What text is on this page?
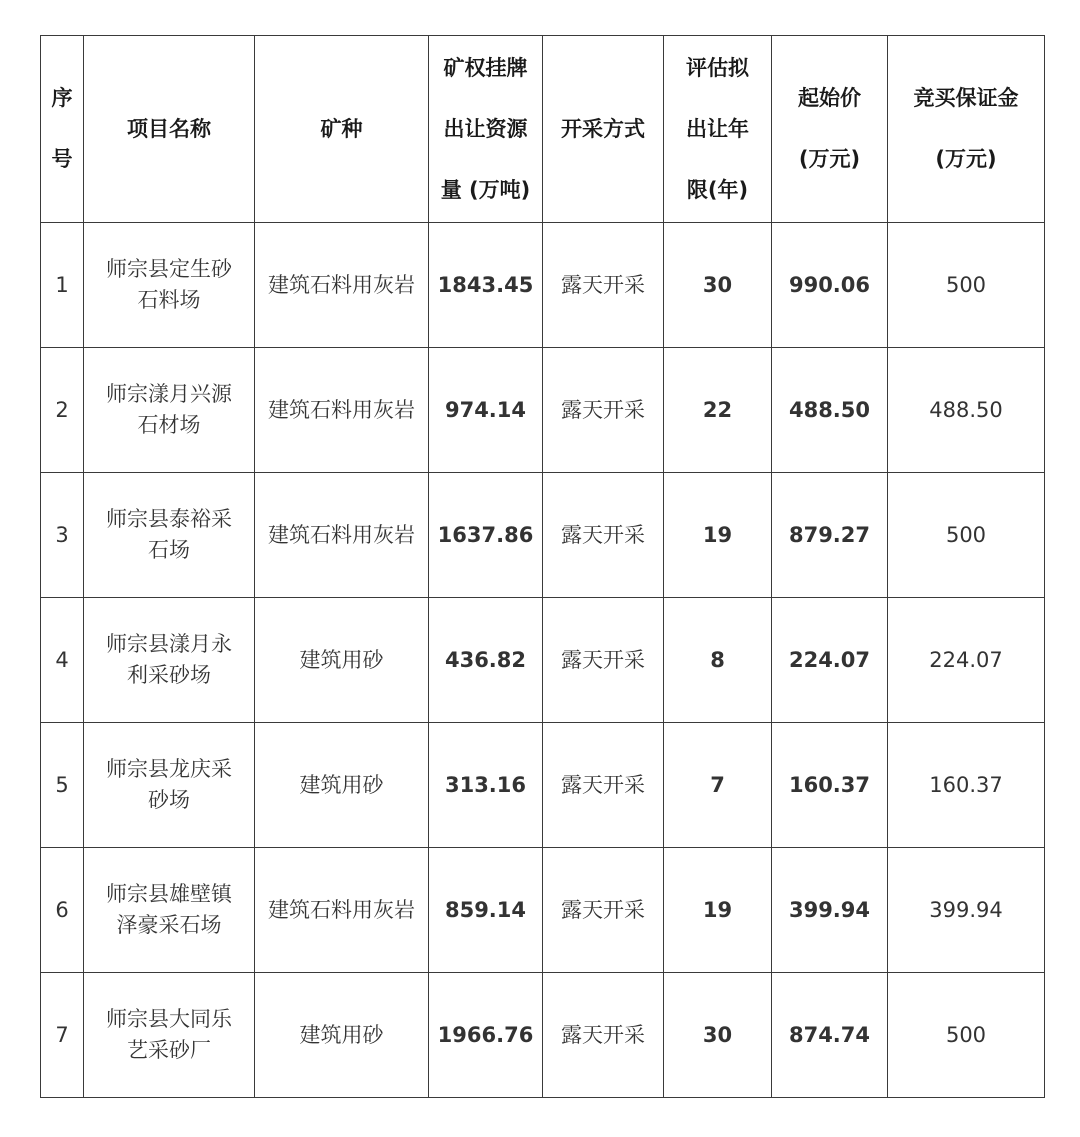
序
号	项目名称	矿种	矿权挂牌
出让资源
量 (万吨)	开采方式	评估拟
出让年
限(年)	起始价
(万元)	竞买保证金
(万元)

1	师宗县定生砂
石料场	建筑石料用灰岩	1843.45	露天开采	30	990.06	500
2	师宗漾月兴源
石材场	建筑石料用灰岩	974.14	露天开采	22	488.50	488.50
3	师宗县泰裕采
石场	建筑石料用灰岩	1637.86	露天开采	19	879.27	500
4	师宗县漾月永
利采砂场	建筑用砂	436.82	露天开采	8	224.07	224.07
5	师宗县龙庆采
砂场	建筑用砂	313.16	露天开采	7	160.37	160.37
6	师宗县雄壁镇
泽豪采石场	建筑石料用灰岩	859.14	露天开采	19	399.94	399.94
7	师宗县大同乐
艺采砂厂	建筑用砂	1966.76	露天开采	30	874.74	500
